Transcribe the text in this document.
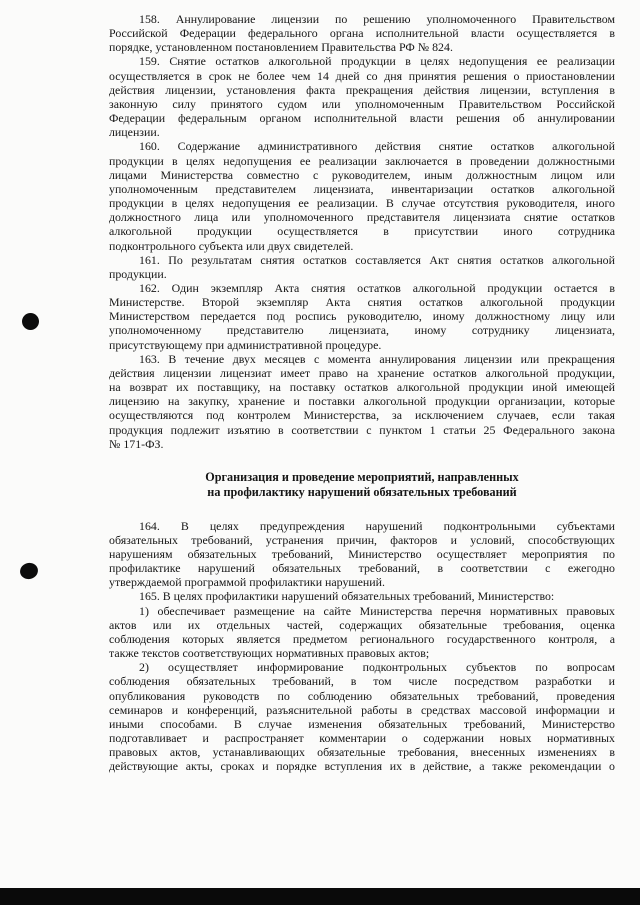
158. Аннулирование лицензии по решению уполномоченного Правительством
Российской Федерации федерального органа исполнительной власти осуществляется в
порядке, установленном постановлением Правительства РФ № 824.
159. Снятие остатков алкогольной продукции в целях недопущения ее реализации
осуществляется в срок не более чем 14 дней со дня принятия решения о приостановлении
действия лицензии, установления факта прекращения действия лицензии, вступления в
законную силу принятого судом или уполномоченным Правительством Российской
Федерации федеральным органом исполнительной власти решения об аннулировании
лицензии.
160. Содержание административного действия снятие остатков алкогольной
продукции в целях недопущения ее реализации заключается в проведении должностными
лицами Министерства совместно с руководителем, иным должностным лицом или
уполномоченным представителем лицензиата, инвентаризации остатков алкогольной
продукции в целях недопущения ее реализации. В случае отсутствия руководителя, иного
должностного лица или уполномоченного представителя лицензиата снятие остатков
алкогольной продукции осуществляется в присутствии иного сотрудника
подконтрольного субъекта или двух свидетелей.
161. По результатам снятия остатков составляется Акт снятия остатков алкогольной
продукции.
162. Один экземпляр Акта снятия остатков алкогольной продукции остается в
Министерстве. Второй экземпляр Акта снятия остатков алкогольной продукции
Министерством передается под роспись руководителю, иному должностному лицу или
уполномоченному представителю лицензиата, иному сотруднику лицензиата,
присутствующему при административной процедуре.
163. В течение двух месяцев с момента аннулирования лицензии или прекращения
действия лицензии лицензиат имеет право на хранение остатков алкогольной продукции,
на возврат их поставщику, на поставку остатков алкогольной продукции иной имеющей
лицензию на закупку, хранение и поставки алкогольной продукции организации, которые
осуществляются под контролем Министерства, за исключением случаев, если такая
продукция подлежит изъятию в соответствии с пунктом 1 статьи 25 Федерального закона
№ 171-ФЗ.
Организация и проведение мероприятий, направленных
на профилактику нарушений обязательных требований
164. В целях предупреждения нарушений подконтрольными субъектами
обязательных требований, устранения причин, факторов и условий, способствующих
нарушениям обязательных требований, Министерство осуществляет мероприятия по
профилактике нарушений обязательных требований, в соответствии с ежегодно
утверждаемой программой профилактики нарушений.
165. В целях профилактики нарушений обязательных требований, Министерство:
1) обеспечивает размещение на сайте Министерства перечня нормативных правовых
актов или их отдельных частей, содержащих обязательные требования, оценка
соблюдения которых является предметом регионального государственного контроля, а
также текстов соответствующих нормативных правовых актов;
2) осуществляет информирование подконтрольных субъектов по вопросам
соблюдения обязательных требований, в том числе посредством разработки и
опубликования руководств по соблюдению обязательных требований, проведения
семинаров и конференций, разъяснительной работы в средствах массовой информации и
иными способами. В случае изменения обязательных требований, Министерство
подготавливает и распространяет комментарии о содержании новых нормативных
правовых актов, устанавливающих обязательные требования, внесенных изменениях в
действующие акты, сроках и порядке вступления их в действие, а также рекомендации о
